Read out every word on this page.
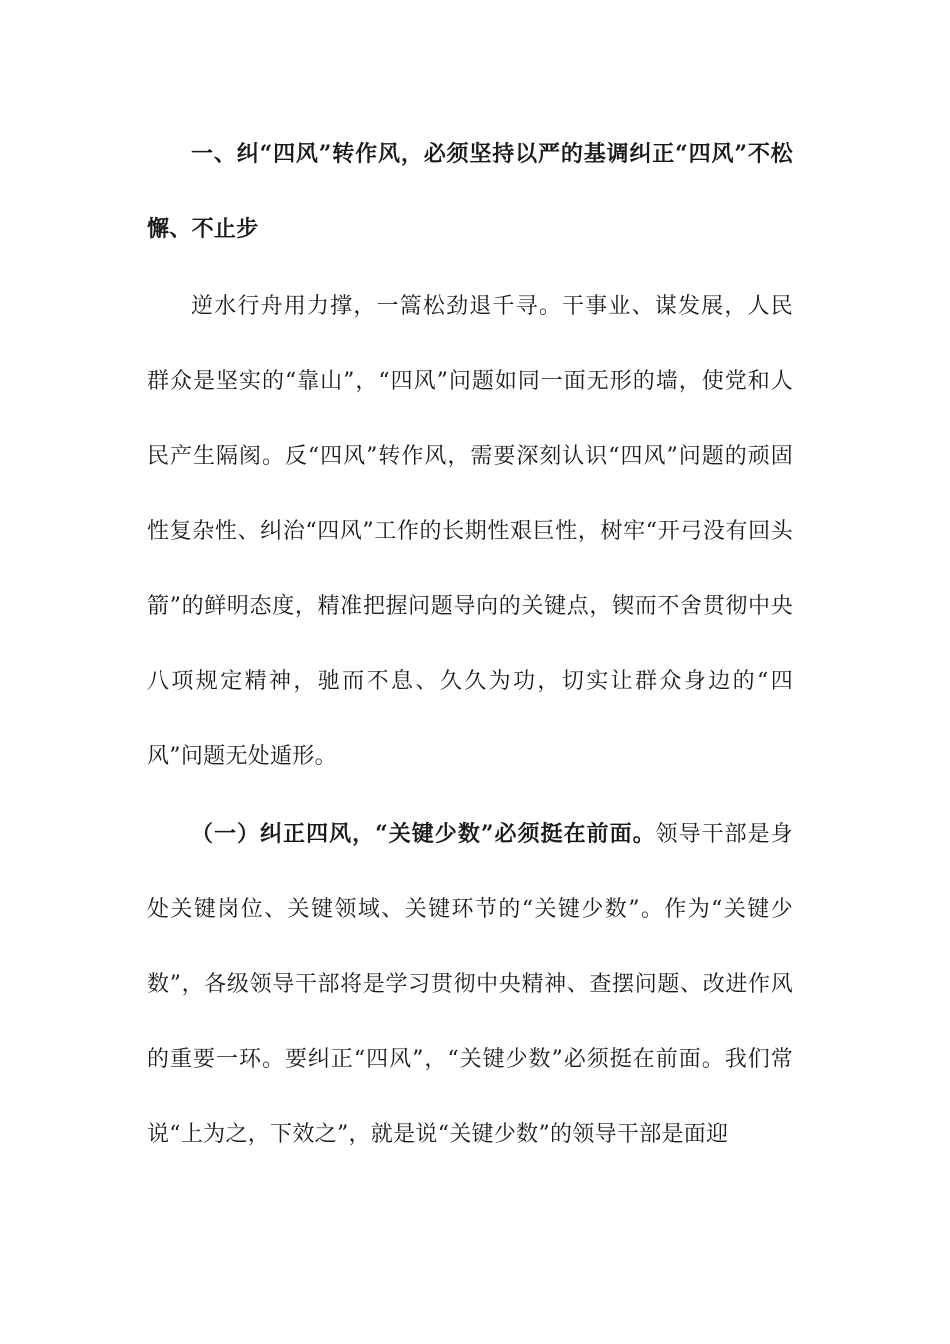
一、纠“四风”转作风，必须坚持以严的基调纠正“四风”不松懈、不止步

逆水行舟用力撑，一篙松劲退千寻。干事业、谋发展，人民群众是坚实的“靠山”，“四风”问题如同一面无形的墙，使党和人民产生隔阂。反“四风”转作风，需要深刻认识“四风”问题的顽固性复杂性、纠治“四风”工作的长期性艰巨性，树牢“开弓没有回头箭”的鲜明态度，精准把握问题导向的关键点，锲而不舍贯彻中央八项规定精神，驰而不息、久久为功，切实让群众身边的“四风”问题无处遁形。

（一）纠正四风，“关键少数”必须挺在前面。领导干部是身处关键岗位、关键领域、关键环节的“关键少数”。作为“关键少数”，各级领导干部将是学习贯彻中央精神、查摆问题、改进作风的重要一环。要纠正“四风”，“关键少数”必须挺在前面。我们常说“上为之，下效之”，就是说“关键少数”的领导干部是面迎
